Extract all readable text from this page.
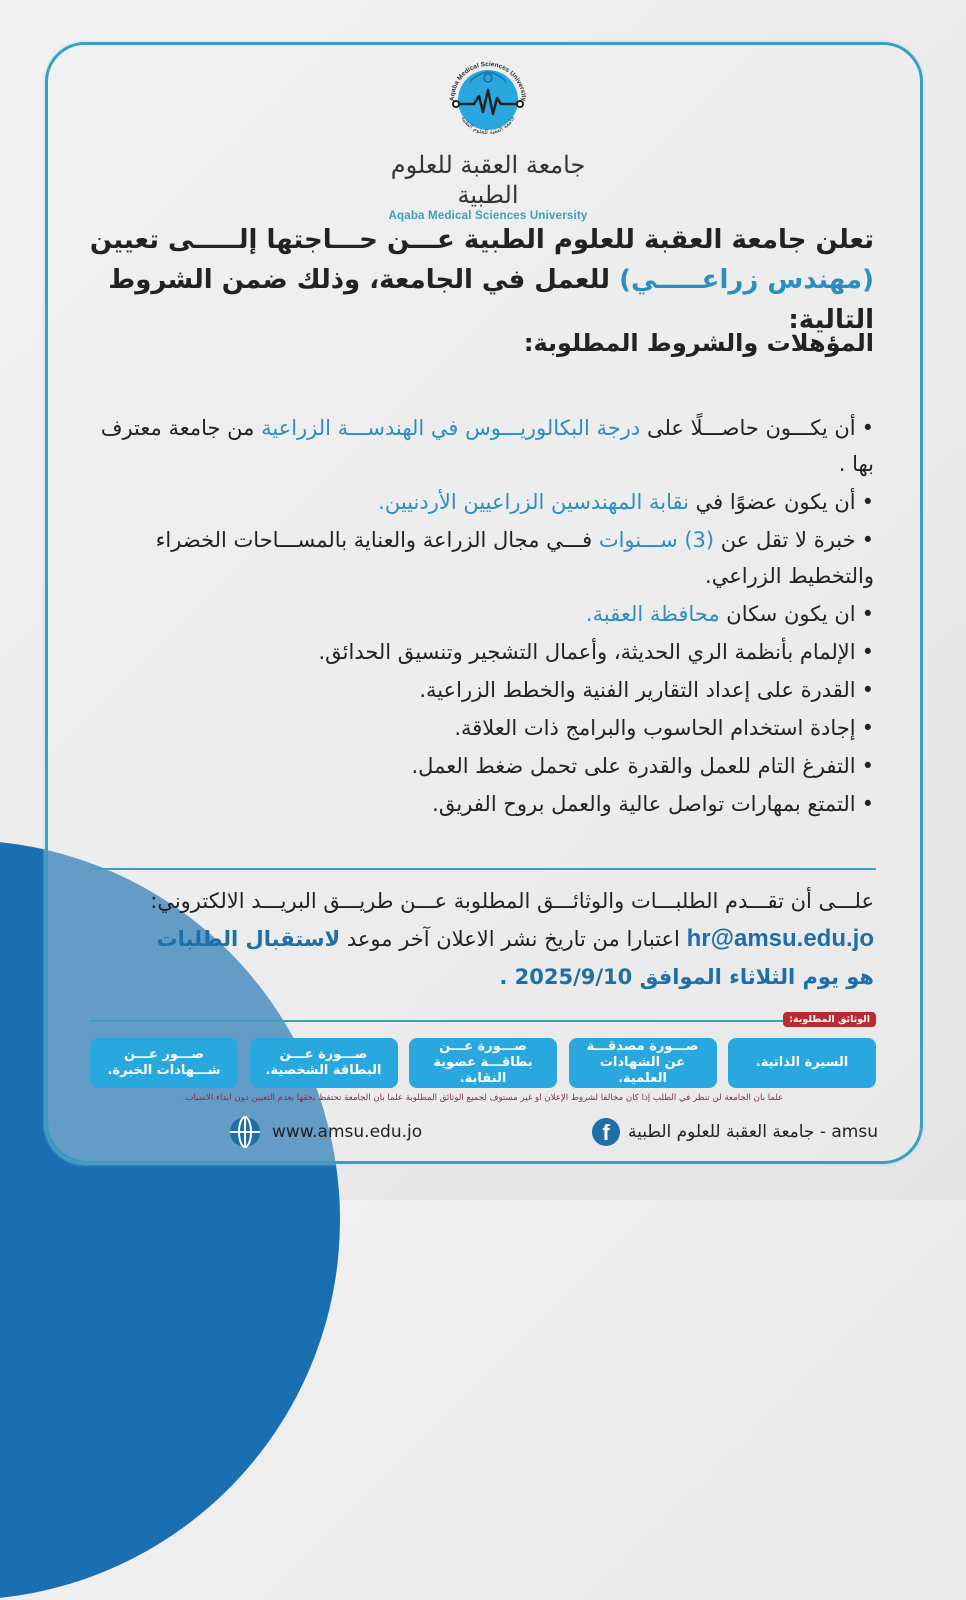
Aqaba Medical Sciences University
جامعة العقبة للعلوم الطبية
جامعة العقبة للعلوم الطبية
Aqaba Medical Sciences University
تعلن جامعة العقبة للعلوم الطبية عـــن حـــاجتها إلـــــى تعيين
(مهندس زراعـــــي) للعمل في الجامعة، وذلك ضمن الشروط التالية:
المؤهلات والشروط المطلوبة:
•أن يكـــون حاصـــلًا على درجة البكالوريـــوس في الهندســـة الزراعية من جامعة معترف بها .
•أن يكون عضوًا في نقابة المهندسين الزراعيين الأردنيين.
•خبرة لا تقل عن (3) ســـنوات فـــي مجال الزراعة والعناية بالمســـاحات الخضراء والتخطيط الزراعي.
•ان يكون سكان محافظة العقبة.
•الإلمام بأنظمة الري الحديثة، وأعمال التشجير وتنسيق الحدائق.
•القدرة على إعداد التقارير الفنية والخطط الزراعية.
•إجادة استخدام الحاسوب والبرامج ذات العلاقة.
•التفرغ التام للعمل والقدرة على تحمل ضغط العمل.
•التمتع بمهارات تواصل عالية والعمل بروح الفريق.
علـــى أن تقـــدم الطلبـــات والوثائـــق المطلوبة عـــن طريـــق البريـــد الالكتروني:
hr@amsu.edu.jo اعتبارا من تاريخ نشر الاعلان آخر موعد لاستقبال الطلبات
هو يوم الثلاثاء الموافق 2025/9/10 .
الوثائق المطلوبة:
السيرة الذاتية.
صـــورة مصدقـــة عن الشهادات العلمية.
صـــورة عـــن بطاقـــة عضوية النقابة.
صـــورة عـــن البطاقة الشخصية.
صـــور عـــن شـــهادات الخبرة.
علماً بأن الجامعة لن تنظر في الطلب إذا كان مخالفاً لشروط الإعلان أو غير مستوف لجميع الوثائق المطلوبة علماً بأن الجامعة تحتفظ بحقها بعدم التعيين دون ابداء الاسباب.
www.amsu.edu.jo	f	amsu - جامعة العقبة للعلوم الطبية
